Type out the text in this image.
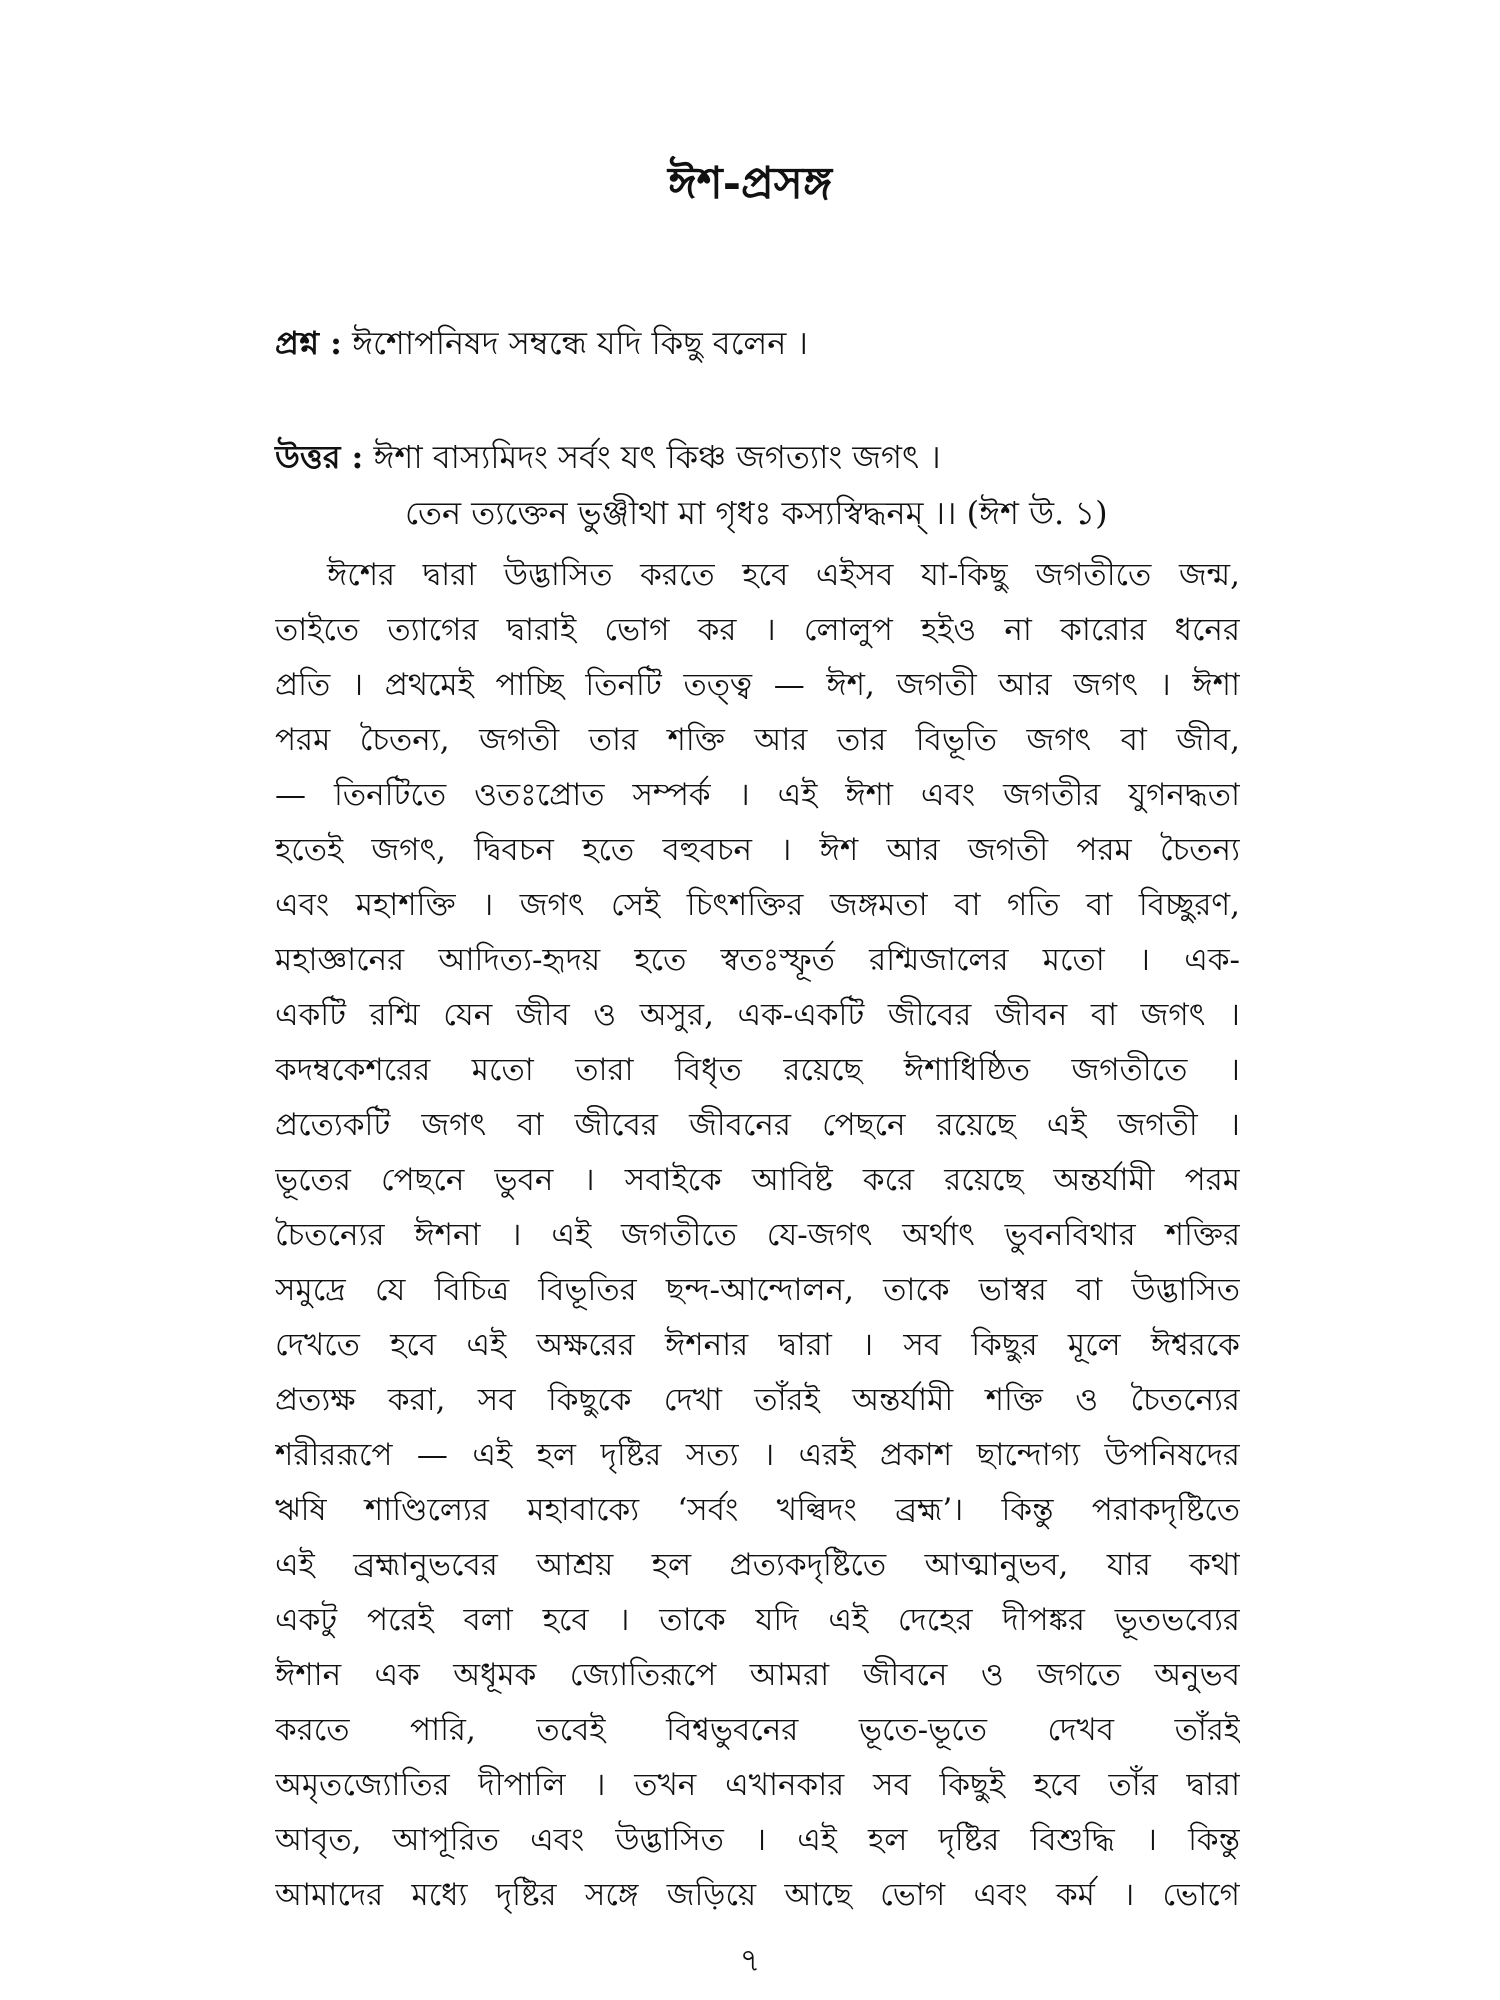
ঈশ-প্রসঙ্গ
প্রশ্ন : ঈশোপনিষদ সম্বন্ধে যদি কিছু বলেন ।
উত্তর : ঈশা বাস্যমিদং সর্বং যৎ কিঞ্চ জগত্যাং জগৎ ।
তেন ত্যক্তেন ভুঞ্জীথা মা গৃধঃ কস্যস্বিদ্ধনম্‌ ।। (ঈশ উ. ১)
ঈশের দ্বারা উদ্ভাসিত করতে হবে এইসব যা-কিছু জগতীতে জন্ম,
তাইতে ত্যাগের দ্বারাই ভোগ কর । লোলুপ হইও না কারোর ধনের
প্রতি । প্রথমেই পাচ্ছি তিনটি তত্ত্ব — ঈশ, জগতী আর জগৎ । ঈশা
পরম চৈতন্য, জগতী তার শক্তি আর তার বিভূতি জগৎ বা জীব,
— তিনটিতে ওতঃপ্রোত সম্পর্ক । এই ঈশা এবং জগতীর যুগনদ্ধতা
হতেই জগৎ, দ্বিবচন হতে বহুবচন । ঈশ আর জগতী পরম চৈতন্য
এবং মহাশক্তি । জগৎ সেই চিৎশক্তির জঙ্গমতা বা গতি বা বিচ্ছুরণ,
মহাজ্ঞানের আদিত্য-হৃদয় হতে স্বতঃস্ফূর্ত রশ্মিজালের মতো । এক-
একটি রশ্মি যেন জীব ও অসুর, এক-একটি জীবের জীবন বা জগৎ ।
কদম্বকেশরের মতো তারা বিধৃত রয়েছে ঈশাধিষ্ঠিত জগতীতে ।
প্রত্যেকটি জগৎ বা জীবের জীবনের পেছনে রয়েছে এই জগতী ।
ভূতের পেছনে ভুবন । সবাইকে আবিষ্ট করে রয়েছে অন্তর্যামী পরম
চৈতন্যের ঈশনা । এই জগতীতে যে-জগৎ অর্থাৎ ভুবনবিথার শক্তির
সমুদ্রে যে বিচিত্র বিভূতির ছন্দ-আন্দোলন, তাকে ভাস্বর বা উদ্ভাসিত
দেখতে হবে এই অক্ষরের ঈশনার দ্বারা । সব কিছুর মূলে ঈশ্বরকে
প্রত্যক্ষ করা, সব কিছুকে দেখা তাঁরই অন্তর্যামী শক্তি ও চৈতন্যের
শরীররূপে — এই হল দৃষ্টির সত্য । এরই প্রকাশ ছান্দোগ্য উপনিষদের
ঋষি শাণ্ডিল্যের মহাবাক্যে ‘সর্বং খল্বিদং ব্রহ্ম’। কিন্তু পরাকদৃষ্টিতে
এই ব্রহ্মানুভবের আশ্রয় হল প্রত্যকদৃষ্টিতে আত্মানুভব, যার কথা
একটু পরেই বলা হবে । তাকে যদি এই দেহের দীপঙ্কর ভূতভব্যের
ঈশান এক অধূমক জ্যোতিরূপে আমরা জীবনে ও জগতে অনুভব
করতে পারি, তবেই বিশ্বভুবনের ভূতে-ভূতে দেখব তাঁরই
অমৃতজ্যোতির দীপালি । তখন এখানকার সব কিছুই হবে তাঁর দ্বারা
আবৃত, আপূরিত এবং উদ্ভাসিত । এই হল দৃষ্টির বিশুদ্ধি । কিন্তু
আমাদের মধ্যে দৃষ্টির সঙ্গে জড়িয়ে আছে ভোগ এবং কর্ম । ভোগে
৭
